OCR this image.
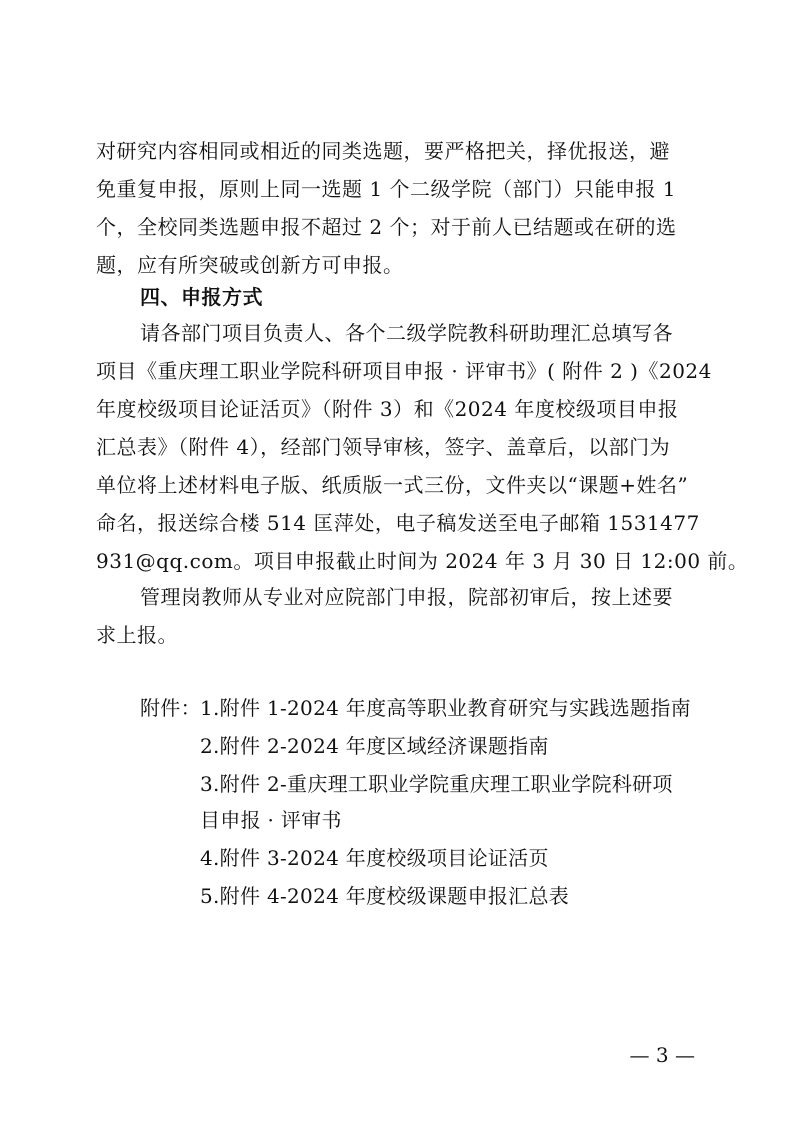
对研究内容相同或相近的同类选题，要严格把关，择优报送，避
免重复申报，原则上同一选题 1 个二级学院（部门）只能申报 1
个，全校同类选题申报不超过 2 个；对于前人已结题或在研的选
题，应有所突破或创新方可申报。
四、申报方式
请各部门项目负责人、各个二级学院教科研助理汇总填写各
项目《重庆理工职业学院科研项目申报 · 评审书》( 附件 2 )《2024
年度校级项目论证活页》（附件 3）和《2024 年度校级项目申报
汇总表》（附件 4），经部门领导审核，签字、盖章后，以部门为
单位将上述材料电子版、纸质版一式三份，文件夹以“课题+姓名”
命名，报送综合楼 514 匡萍处，电子稿发送至电子邮箱 1531477
931@qq.com。项目申报截止时间为 2024 年 3 月 30 日 12:00 前。
管理岗教师从专业对应院部门申报，院部初审后，按上述要
求上报。
附件： 1.附件 1-2024 年度高等职业教育研究与实践选题指南
2.附件 2-2024 年度区域经济课题指南
3.附件 2-重庆理工职业学院重庆理工职业学院科研项
目申报 · 评审书
4.附件 3-2024 年度校级项目论证活页
5.附件 4-2024 年度校级课题申报汇总表
— 3 —
